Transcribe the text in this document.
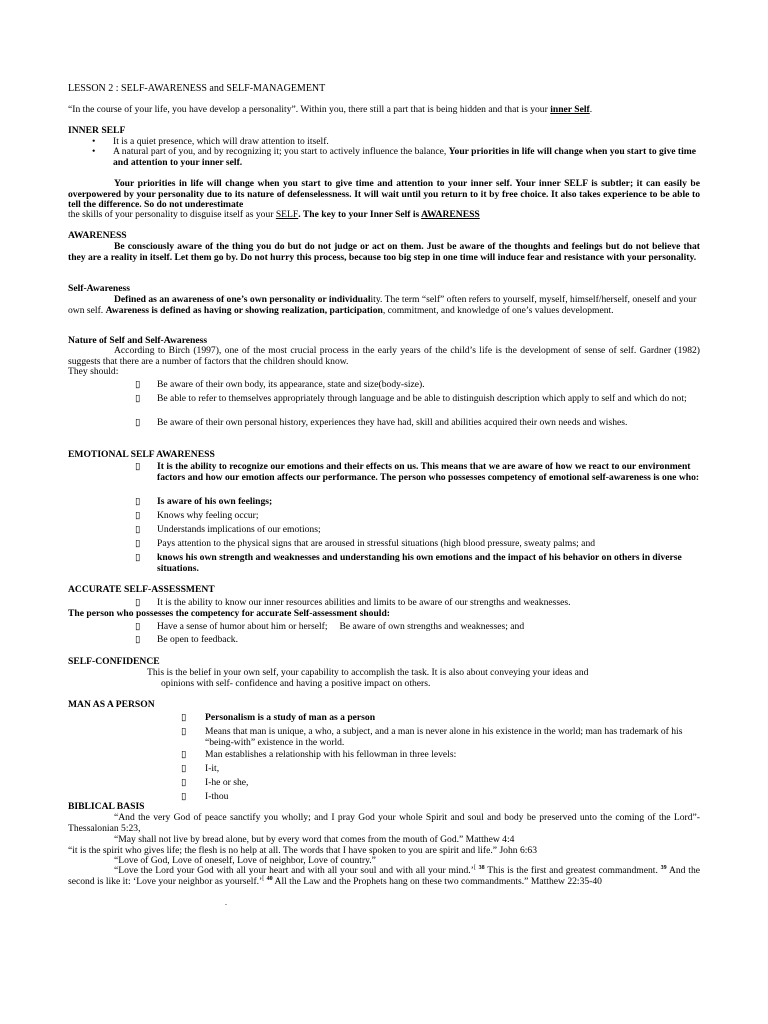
LESSON 2 : SELF-AWARENESS and SELF-MANAGEMENT
“In the course of your life, you have develop a personality”. Within you, there still a part that is being hidden and that is your inner Self.
INNER SELF
•	It is a quiet presence, which will draw attention to itself.
•	A natural part of you, and by recognizing it; you start to actively influence the balance, Your priorities in life will change when you start to give time and attention to your inner self.
Your priorities in life will change when you start to give time and attention to your inner self. Your inner SELF is subtler; it can easily be overpowered by your personality due to its nature of defenselessness. It will wait until you return to it by free choice. It also takes experience to be able to tell the difference. So do not underestimate
the skills of your personality to disguise itself as your SELF. The key to your Inner Self is AWARENESS
AWARENESS
Be consciously aware of the thing you do but do not judge or act on them. Just be aware of the thoughts and feelings but do not believe that they are a reality in itself. Let them go by. Do not hurry this process, because too big step in one time will induce fear and resistance with your personality.
Self-Awareness
Defined as an awareness of one’s own personality or individuality. The term “self” often refers to yourself, myself, himself/herself, oneself and your own self. Awareness is defined as having or showing realization, participation, commitment, and knowledge of one’s values development.
Nature of Self and Self-Awareness
According to Birch (1997), one of the most crucial process in the early years of the child’s life is the development of sense of self. Gardner (1982) suggests that there are a number of factors that the children should know.
They should:
▯	Be aware of their own body, its appearance, state and size(body-size).
▯	Be able to refer to themselves appropriately through language and be able to distinguish description which apply to self and which do not;
▯	Be aware of their own personal history, experiences they have had, skill and abilities acquired their own needs and wishes.
EMOTIONAL SELF AWARENESS
▯	It is the ability to recognize our emotions and their effects on us. This means that we are aware of how we react to our environment factors and how our emotion affects our performance. The person who possesses competency of emotional self-awareness is one who:
▯	Is aware of his own feelings;
▯	Knows why feeling occur;
▯	Understands implications of our emotions;
▯	Pays attention to the physical signs that are aroused in stressful situations (high blood pressure, sweaty palms; and
▯	knows his own strength and weaknesses and understanding his own emotions and the impact of his behavior on others in diverse situations.
ACCURATE SELF-ASSESSMENT
▯	It is the ability to know our inner resources abilities and limits to be aware of our strengths and weaknesses.
The person who possesses the competency for accurate Self-assessment should:
▯	Have a sense of humor about him or herself;     Be aware of own strengths and weaknesses; and
▯	Be open to feedback.
SELF-CONFIDENCE
This is the belief in your own self, your capability to accomplish the task. It is also about conveying your ideas and
opinions with self- confidence and having a positive impact on others.
MAN AS A PERSON
▯	Personalism is a study of man as a person
▯	Means that man is unique, a who, a subject, and a man is never alone in his existence in the world; man has trademark of his “being-with” existence in the world.
▯	Man establishes a relationship with his fellowman in three levels:
▯	I-it,
▯	I-he or she,
▯	I-thou
BIBLICAL BASIS
“And the very God of peace sanctify you wholly; and I pray God your whole Spirit and soul and body be preserved unto the coming of the Lord”- Thessalonian 5:23,
“May shall not live by bread alone, but by every word that comes from the mouth of God.” Matthew 4:4
“it is the spirit who gives life; the flesh is no help at all. The words that I have spoken to you are spirit and life.” John 6:63
“Love of God, Love of oneself, Love of neighbor, Love of country.”
“Love the Lord your God with all your heart and with all your soul and with all your mind.’[ $^{38}$ This is the first and greatest commandment. $^{39}$ And the second is like it: ‘Love your neighbor as yourself.’[ $^{40}$ All the Law and the Prophets hang on these two commandments.” Matthew 22:35-40
-
